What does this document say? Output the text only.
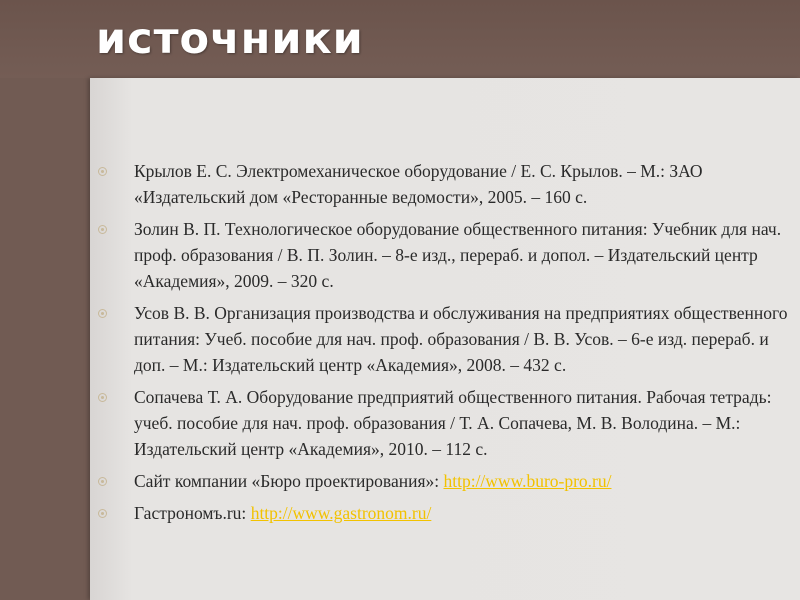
источники
Крылов Е. С. Электромеханическое оборудование / Е. С. Крылов. – М.: ЗАО «Издательский дом «Ресторанные ведомости», 2005. – 160 с.
Золин В. П. Технологическое оборудование общественного питания: Учебник для нач. проф. образования / В. П. Золин. – 8-е изд., перераб. и допол. – Издательский центр «Академия», 2009. – 320 с.
Усов В. В. Организация производства и обслуживания на предприятиях общественного питания: Учеб. пособие для нач. проф. образования / В. В. Усов. – 6-е изд. перераб. и доп. – М.: Издательский центр «Академия», 2008. – 432 с.
Сопачева Т. А. Оборудование предприятий общественного питания. Рабочая тетрадь: учеб. пособие для нач. проф. образования / Т. А. Сопачева, М. В. Володина. – М.: Издательский центр «Академия», 2010. – 112 с.
Сайт компании «Бюро проектирования»: http://www.buro-pro.ru/
Гастрономъ.ru: http://www.gastronom.ru/
